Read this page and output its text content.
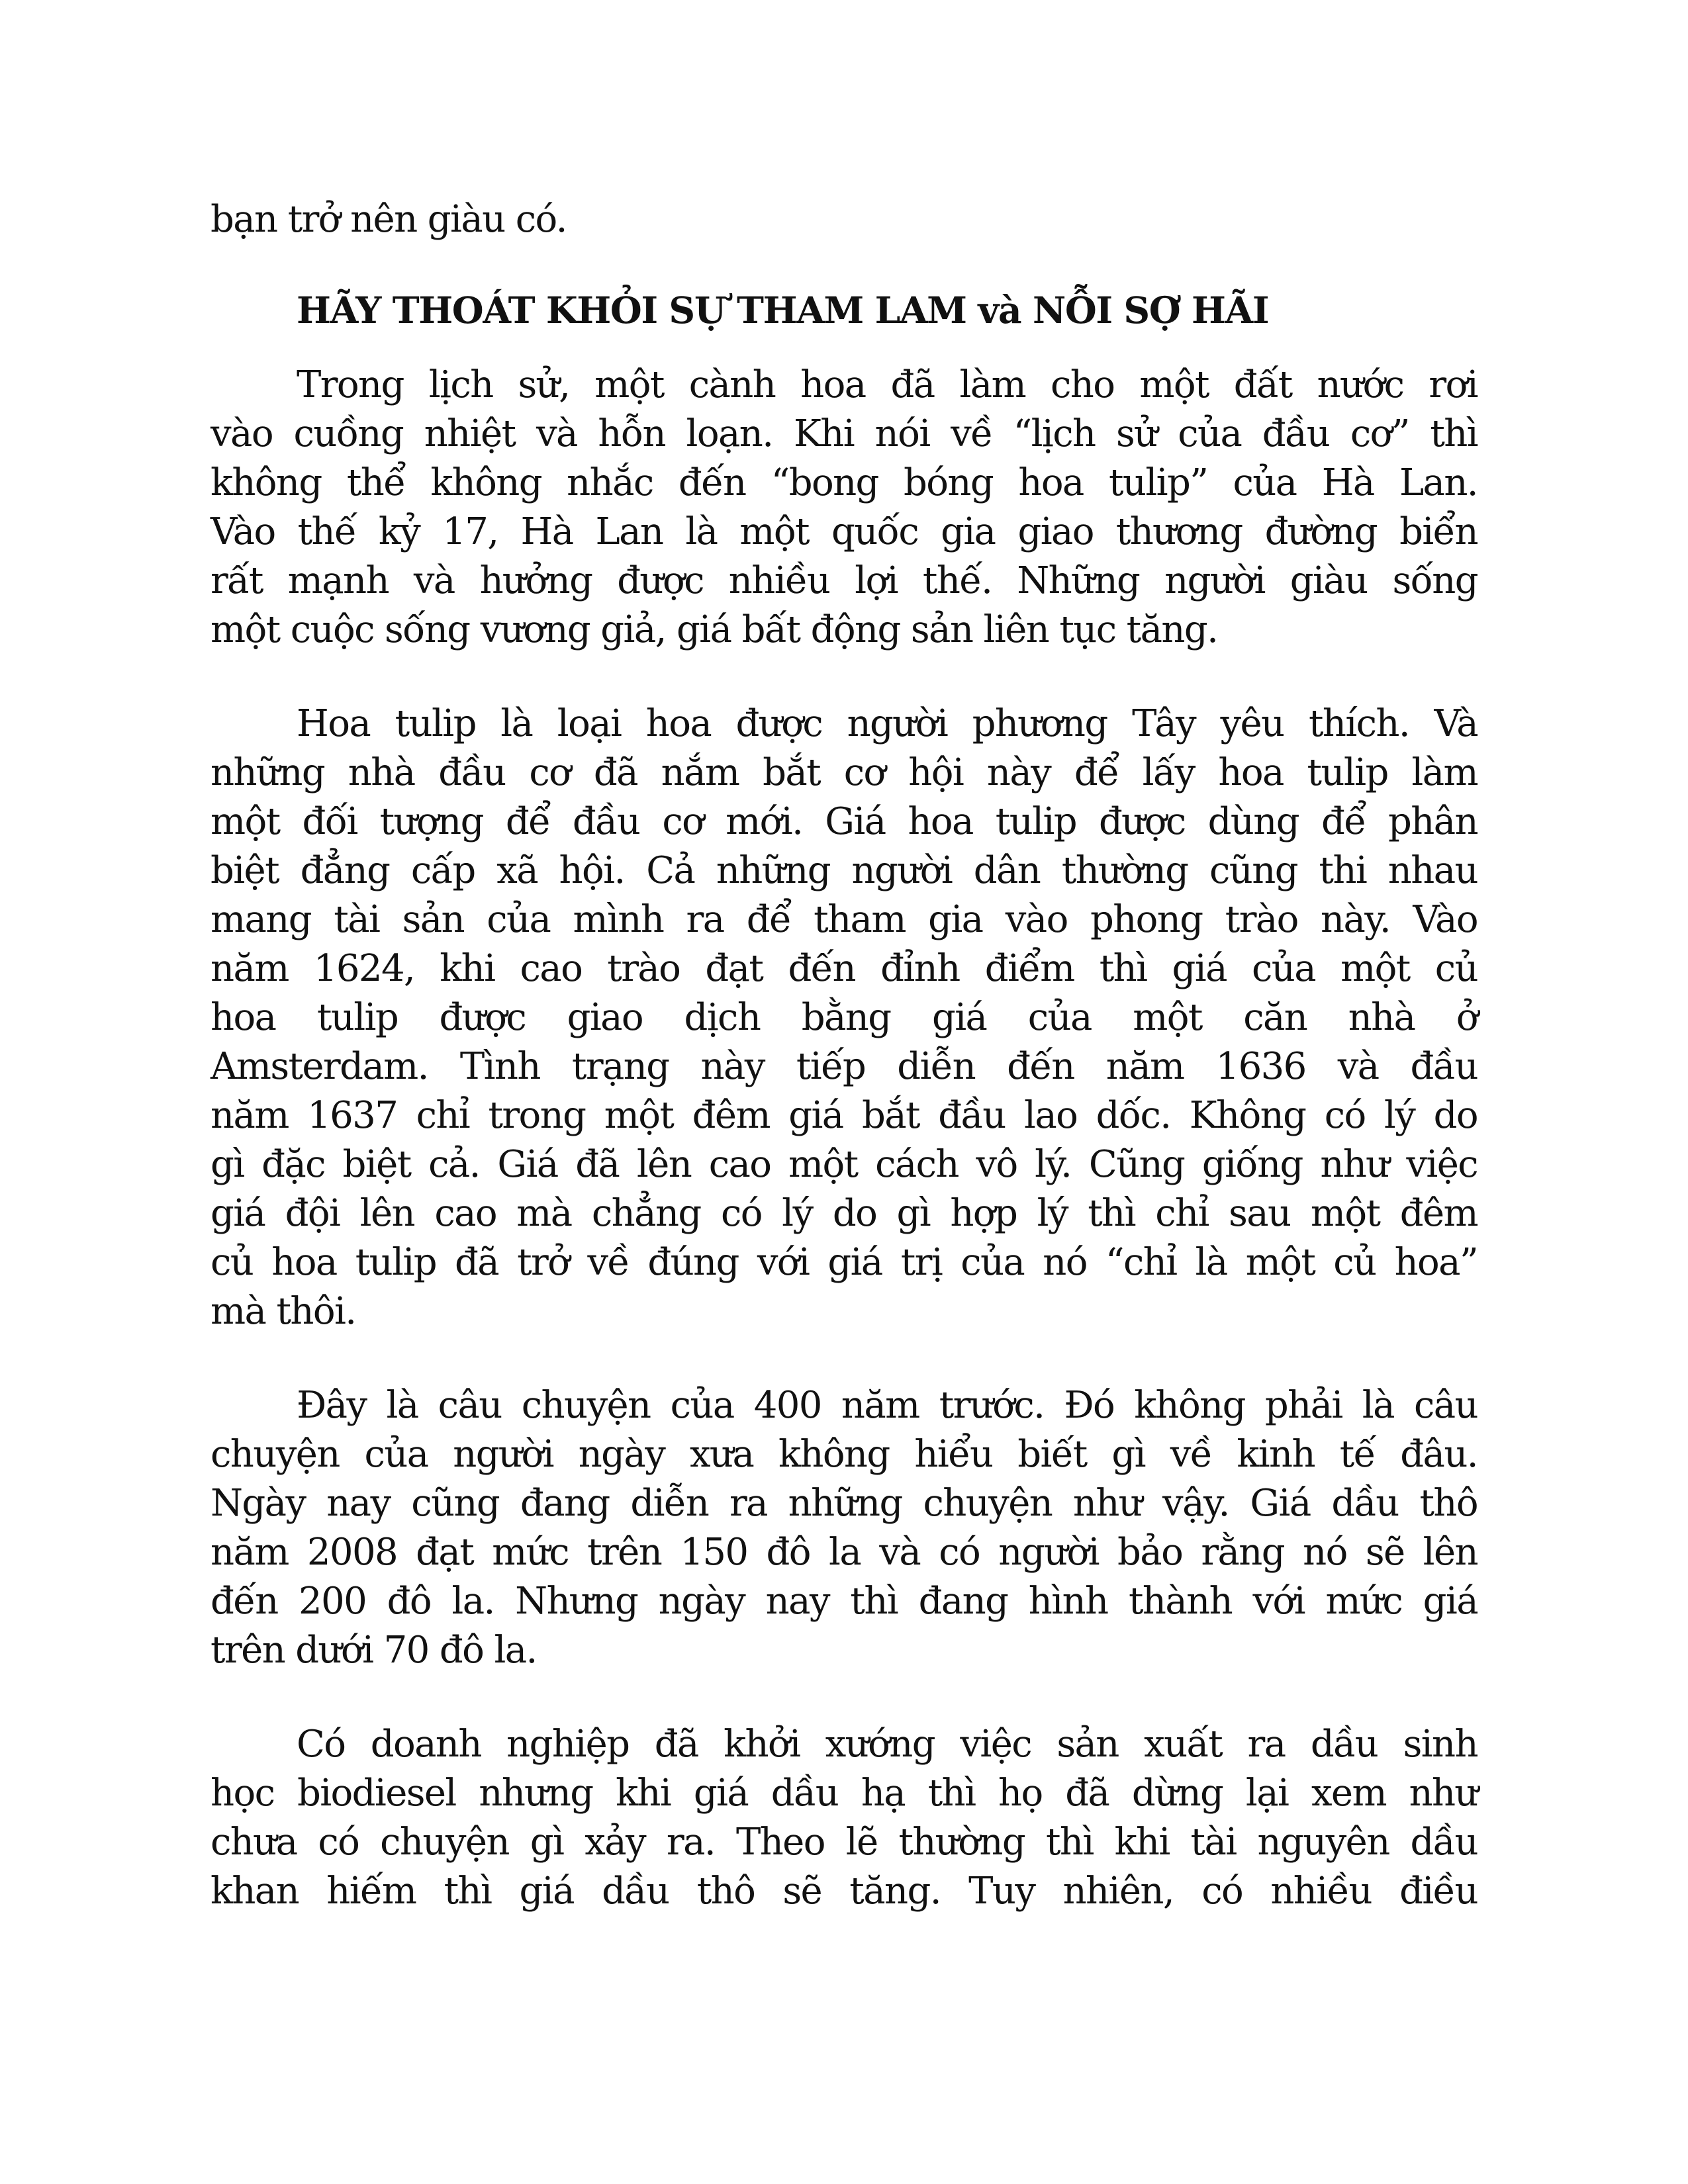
bạn trở nên giàu có.
HÃY THOÁT KHỎI SỰ THAM LAM và NỖI SỢ HÃI
Trong lịch sử, một cành hoa đã làm cho một đất nước rơi
vào cuồng nhiệt và hỗn loạn. Khi nói về “lịch sử của đầu cơ” thì
không thể không nhắc đến “bong bóng hoa tulip” của Hà Lan.
Vào thế kỷ 17, Hà Lan là một quốc gia giao thương đường biển
rất mạnh và hưởng được nhiều lợi thế. Những người giàu sống
một cuộc sống vương giả, giá bất động sản liên tục tăng.
Hoa tulip là loại hoa được người phương Tây yêu thích. Và
những nhà đầu cơ đã nắm bắt cơ hội này để lấy hoa tulip làm
một đối tượng để đầu cơ mới. Giá hoa tulip được dùng để phân
biệt đẳng cấp xã hội. Cả những người dân thường cũng thi nhau
mang tài sản của mình ra để tham gia vào phong trào này. Vào
năm 1624, khi cao trào đạt đến đỉnh điểm thì giá của một củ
hoa tulip được giao dịch bằng giá của một căn nhà ở
Amsterdam. Tình trạng này tiếp diễn đến năm 1636 và đầu
năm 1637 chỉ trong một đêm giá bắt đầu lao dốc. Không có lý do
gì đặc biệt cả. Giá đã lên cao một cách vô lý. Cũng giống như việc
giá đội lên cao mà chẳng có lý do gì hợp lý thì chỉ sau một đêm
củ hoa tulip đã trở về đúng với giá trị của nó “chỉ là một củ hoa”
mà thôi.
Đây là câu chuyện của 400 năm trước. Đó không phải là câu
chuyện của người ngày xưa không hiểu biết gì về kinh tế đâu.
Ngày nay cũng đang diễn ra những chuyện như vậy. Giá dầu thô
năm 2008 đạt mức trên 150 đô la và có người bảo rằng nó sẽ lên
đến 200 đô la. Nhưng ngày nay thì đang hình thành với mức giá
trên dưới 70 đô la.
Có doanh nghiệp đã khởi xướng việc sản xuất ra dầu sinh
học biodiesel nhưng khi giá dầu hạ thì họ đã dừng lại xem như
chưa có chuyện gì xảy ra. Theo lẽ thường thì khi tài nguyên dầu
khan hiếm thì giá dầu thô sẽ tăng. Tuy nhiên, có nhiều điều
